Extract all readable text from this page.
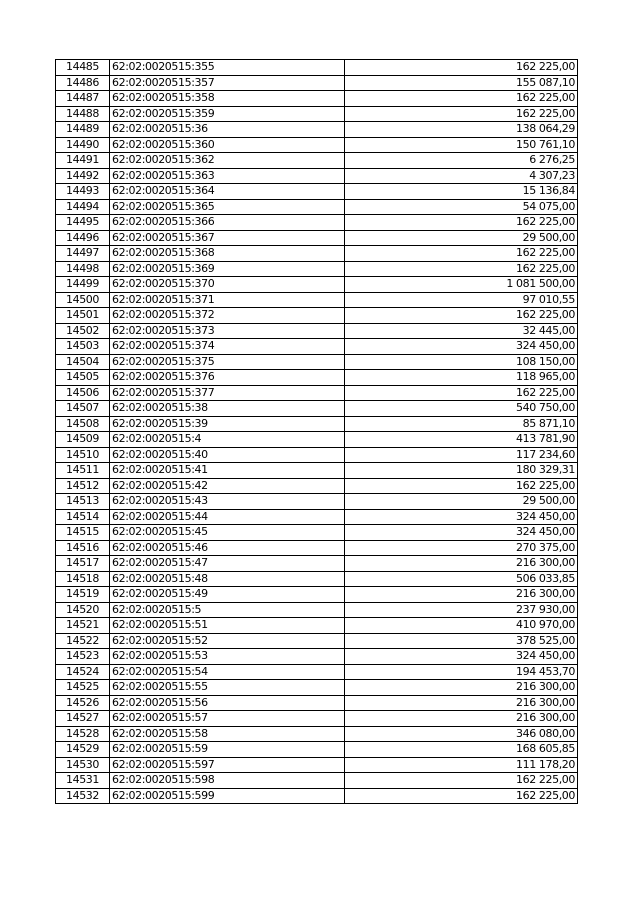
14485	62:02:0020515:355	162 225,00
14486	62:02:0020515:357	155 087,10
14487	62:02:0020515:358	162 225,00
14488	62:02:0020515:359	162 225,00
14489	62:02:0020515:36	138 064,29
14490	62:02:0020515:360	150 761,10
14491	62:02:0020515:362	6 276,25
14492	62:02:0020515:363	4 307,23
14493	62:02:0020515:364	15 136,84
14494	62:02:0020515:365	54 075,00
14495	62:02:0020515:366	162 225,00
14496	62:02:0020515:367	29 500,00
14497	62:02:0020515:368	162 225,00
14498	62:02:0020515:369	162 225,00
14499	62:02:0020515:370	1 081 500,00
14500	62:02:0020515:371	97 010,55
14501	62:02:0020515:372	162 225,00
14502	62:02:0020515:373	32 445,00
14503	62:02:0020515:374	324 450,00
14504	62:02:0020515:375	108 150,00
14505	62:02:0020515:376	118 965,00
14506	62:02:0020515:377	162 225,00
14507	62:02:0020515:38	540 750,00
14508	62:02:0020515:39	85 871,10
14509	62:02:0020515:4	413 781,90
14510	62:02:0020515:40	117 234,60
14511	62:02:0020515:41	180 329,31
14512	62:02:0020515:42	162 225,00
14513	62:02:0020515:43	29 500,00
14514	62:02:0020515:44	324 450,00
14515	62:02:0020515:45	324 450,00
14516	62:02:0020515:46	270 375,00
14517	62:02:0020515:47	216 300,00
14518	62:02:0020515:48	506 033,85
14519	62:02:0020515:49	216 300,00
14520	62:02:0020515:5	237 930,00
14521	62:02:0020515:51	410 970,00
14522	62:02:0020515:52	378 525,00
14523	62:02:0020515:53	324 450,00
14524	62:02:0020515:54	194 453,70
14525	62:02:0020515:55	216 300,00
14526	62:02:0020515:56	216 300,00
14527	62:02:0020515:57	216 300,00
14528	62:02:0020515:58	346 080,00
14529	62:02:0020515:59	168 605,85
14530	62:02:0020515:597	111 178,20
14531	62:02:0020515:598	162 225,00
14532	62:02:0020515:599	162 225,00
